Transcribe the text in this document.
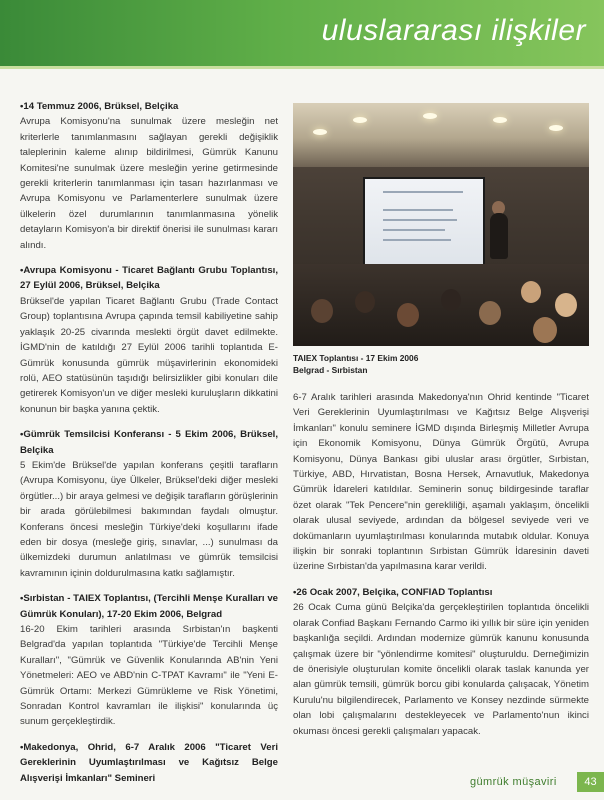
uluslararası ilişkiler

•14 Temmuz 2006, Brüksel, Belçika

Avrupa Komisyonu'na sunulmak üzere mesleğin net kriterlerle tanımlanmasını sağlayan gerekli değişiklik taleplerinin kaleme alınıp bildirilmesi, Gümrük Kanunu Komitesi'ne sunulmak üzere mesleğin yerine getirmesinde gerekli kriterlerin tanımlanması için tasarı hazırlanması ve Avrupa Komisyonu ve Parlamenterlere sunulmak üzere ülkelerin özel durumlarının tanımlanmasına yönelik detayların Komisyon'a bir direktif önerisi ile sunulması kararı alındı.

•Avrupa Komisyonu - Ticaret Bağlantı Grubu Toplantısı, 27 Eylül 2006, Brüksel, Belçika

Brüksel'de yapılan Ticaret Bağlantı Grubu (Trade Contact Group) toplantısına Avrupa çapında temsil kabiliyetine sahip yaklaşık 20-25 civarında meslekti örgüt davet edilmekte. İGMD'nin de katıldığı 27 Eylül 2006 tarihli toplantıda E-Gümrük konusunda gümrük müşavirlerinin ekonomideki rolü, AEO statüsünün taşıdığı belirsizlikler gibi konuları dile getirerek Komisyon'un ve diğer mesleki kuruluşların dikkatini konunun bir başka yanına çektik.

•Gümrük Temsilcisi Konferansı - 5 Ekim 2006, Brüksel, Belçika

5 Ekim'de Brüksel'de yapılan konferans çeşitli tarafların (Avrupa Komisyonu, üye Ülkeler, Brüksel'deki diğer mesleki örgütler...) bir araya gelmesi ve değişik tarafların görüşlerinin bir arada görülebilmesi bakımından faydalı olmuştur. Konferans öncesi mesleğin Türkiye'deki koşullarını ifade eden bir dosya (mesleğe giriş, sınavlar, ...) sunulması da ülkemizdeki durumun anlatılması ve gümrük temsilcisi kavramının içinin doldurulmasına katkı sağlamıştır.

•Sırbistan - TAIEX Toplantısı, (Tercihli Menşe Kuralları ve Gümrük Konuları), 17-20 Ekim 2006, Belgrad

16-20 Ekim tarihleri arasında Sırbistan'ın başkenti Belgrad'da yapılan toplantıda "Türkiye'de Tercihli Menşe Kuralları", "Gümrük ve Güvenlik Konularında AB'nin Yeni Yönetmeleri: AEO ve ABD'nin C-TPAT Kavramı" ile "Yeni E-Gümrük Ortamı: Merkezi Gümrükleme ve Risk Yönetimi, Sonradan Kontrol kavramları ile ilişkisi" konularında üç sunum gerçekleştirdik.

•Makedonya, Ohrid, 6-7 Aralık 2006 "Ticaret Veri Gereklerinin Uyumlaştırılması ve Kağıtsız Belge Alışverişi İmkanları" Semineri

TAIEX Toplantısı - 17 Ekim 2006
Belgrad - Sırbistan

6-7 Aralık tarihleri arasında Makedonya'nın Ohrid kentinde "Ticaret Veri Gereklerinin Uyumlaştırılması ve Kağıtsız Belge Alışverişi İmkanları" konulu seminere İGMD dışında Birleşmiş Milletler Avrupa için Ekonomik Komisyonu, Dünya Gümrük Örgütü, Avrupa Komisyonu, Dünya Bankası gibi uluslar arası örgütler, Sırbistan, Türkiye, ABD, Hırvatistan, Bosna Hersek, Arnavutluk, Makedonya Gümrük İdareleri katıldılar. Seminerin sonuç bildirgesinde taraflar özet olarak "Tek Pencere"nin gerekliliği, aşamalı yaklaşım, öncelikli olarak ulusal seviyede, ardından da bölgesel seviyede veri ve dokümanların uyumlaştırılması konularında mutabık oldular. Konuya ilişkin bir sonraki toplantının Sırbistan Gümrük İdaresinin daveti üzerine Sırbistan'da yapılmasına karar verildi.

•26 Ocak 2007, Belçika, CONFIAD Toplantısı

26 Ocak Cuma günü Belçika'da gerçekleştirilen toplantıda öncelikli olarak Confiad Başkanı Fernando Carmo iki yıllık bir süre için yeniden başkanlığa seçildi. Ardından modernize gümrük kanunu konusunda çalışmak üzere bir "yönlendirme komitesi" oluşturuldu. Derneğimizin de önerisiyle oluşturulan komite öncelikli olarak taslak kanunda yer alan gümrük temsili, gümrük borcu gibi konularda çalışacak, Yönetim Kurulu'nu bilgilendirecek, Parlamento ve Konsey nezdinde sürmekte olan lobi çalışmalarını destekleyecek ve Parlamento'nun ikinci okuması öncesi gerekli çalışmaları yapacak.

gümrük müşaviri	43
